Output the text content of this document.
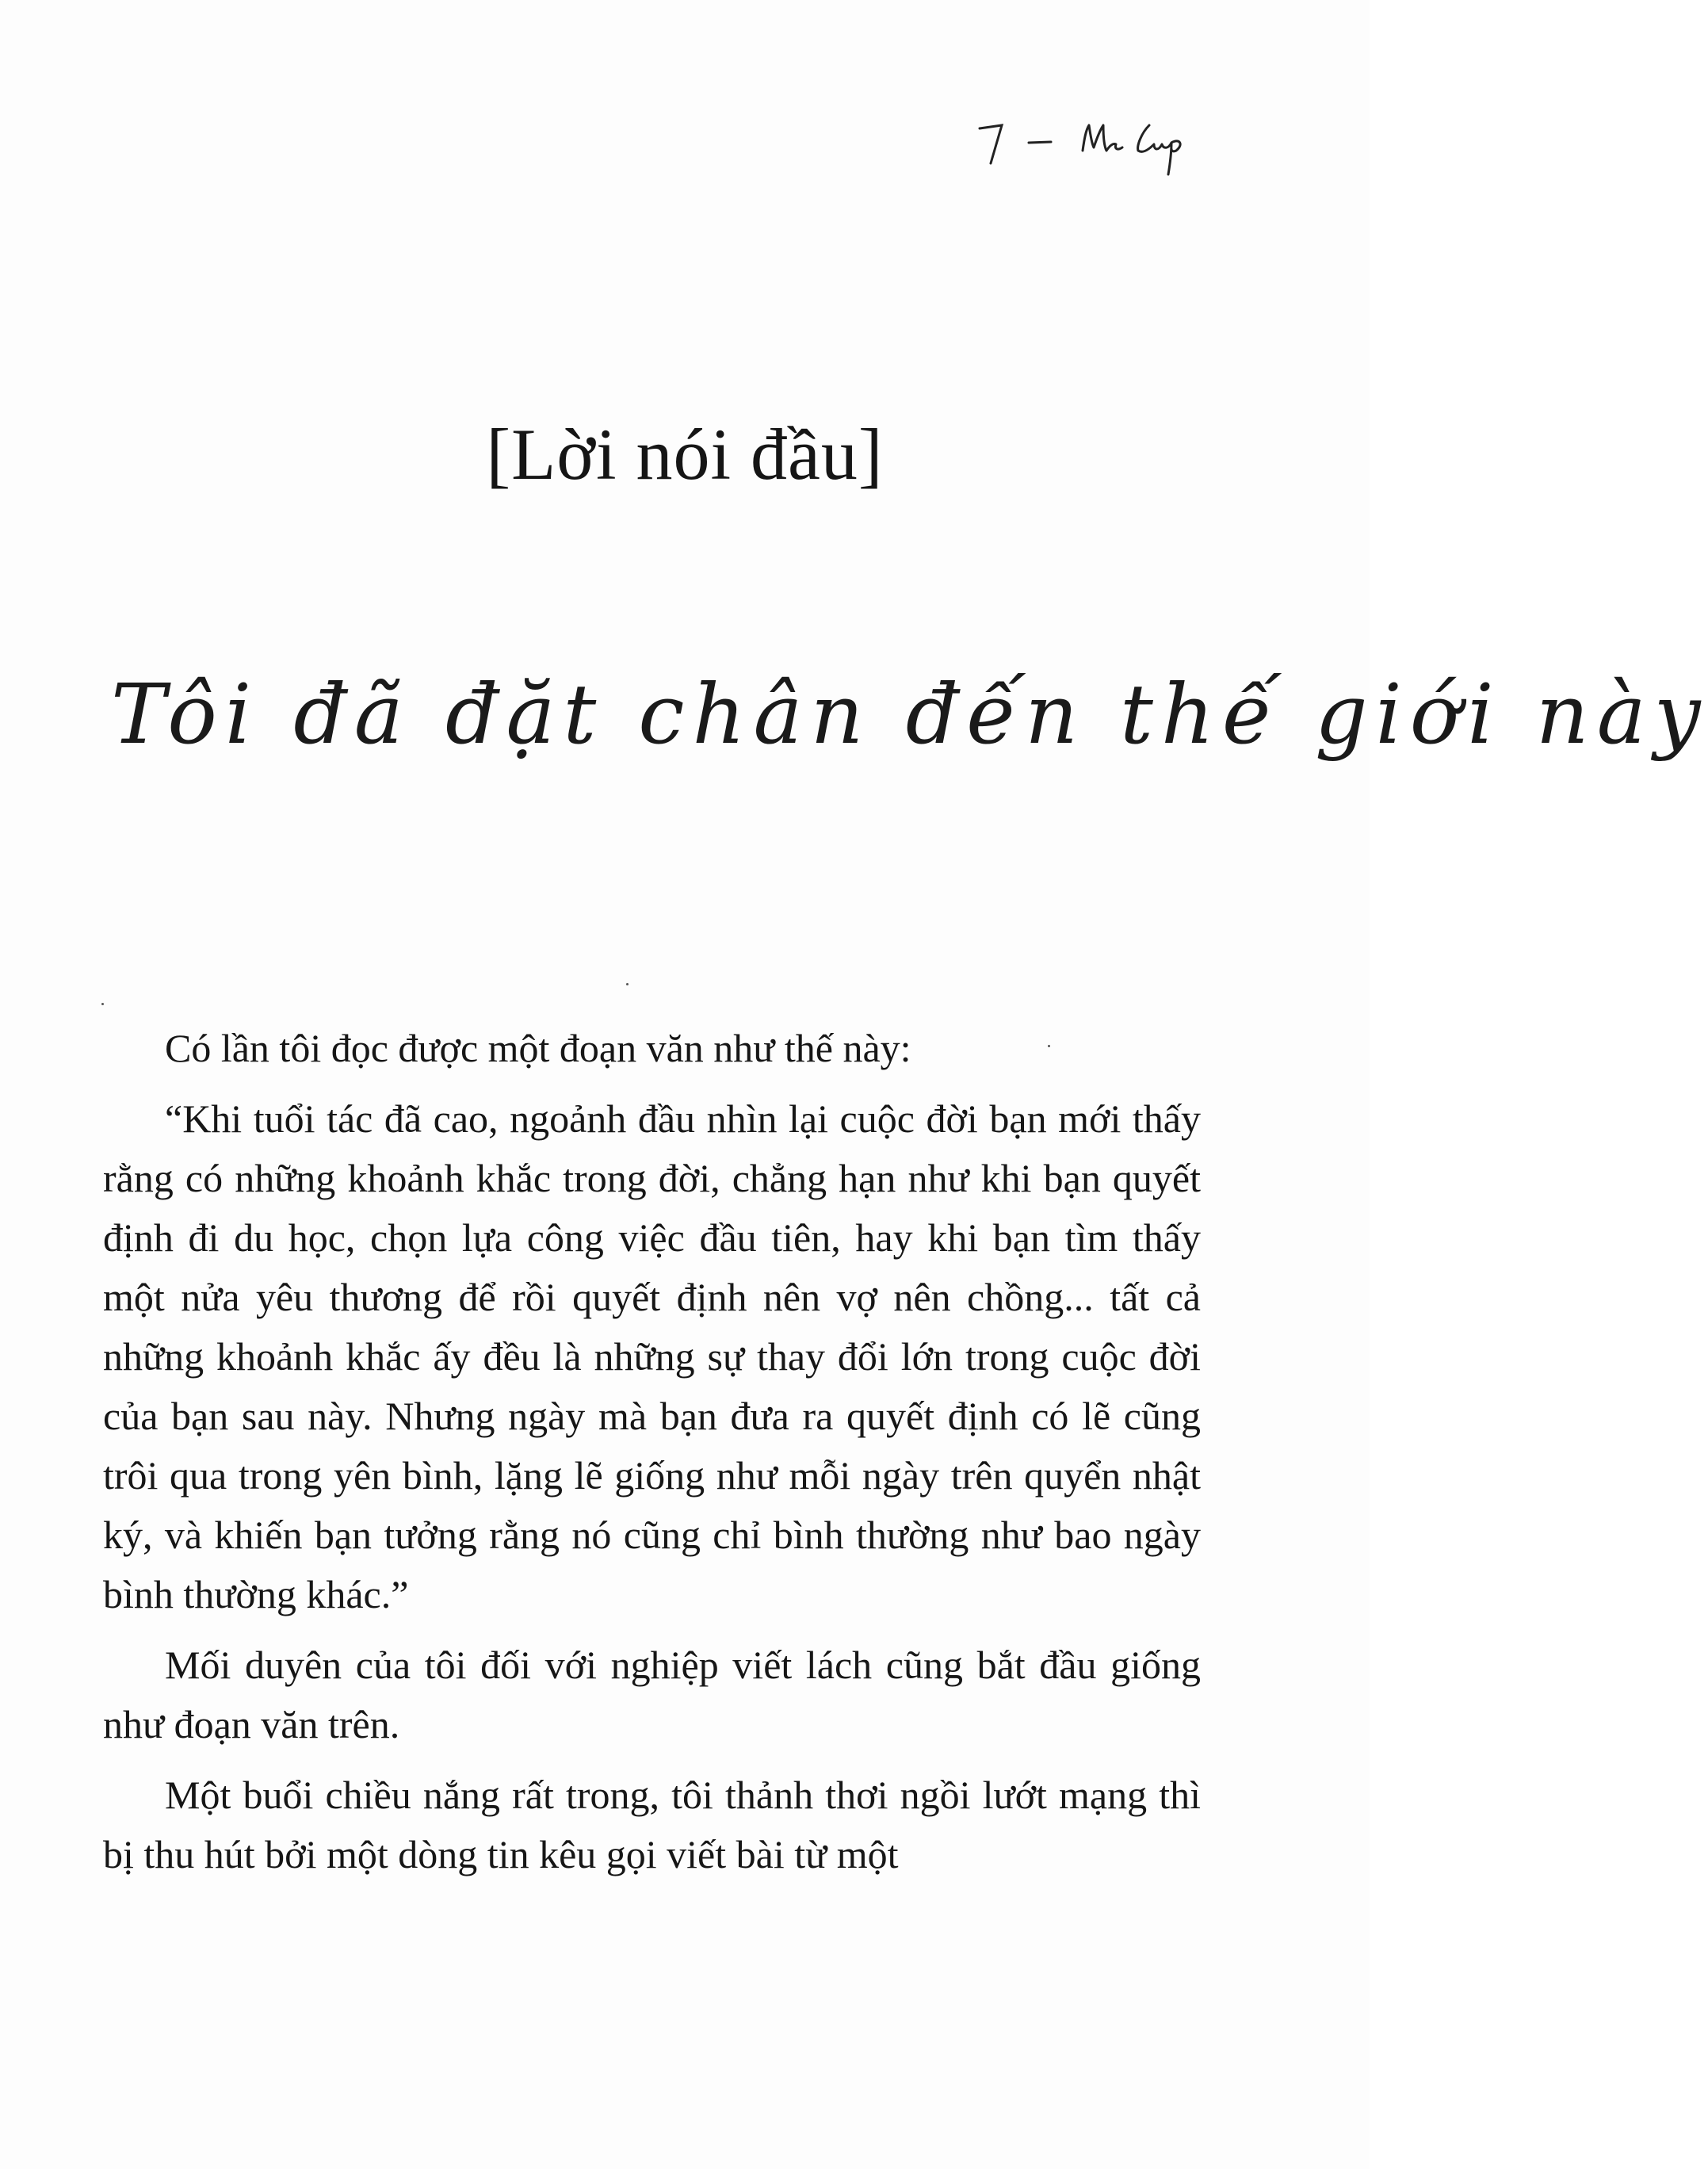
[Lời nói đầu]
Tôi đã đặt chân đến thế giới này

Có lần tôi đọc được một đoạn văn như thế này:

“Khi tuổi tác đã cao, ngoảnh đầu nhìn lại cuộc đời bạn mới thấy rằng có những khoảnh khắc trong đời, chẳng hạn như khi bạn quyết định đi du học, chọn lựa công việc đầu tiên, hay khi bạn tìm thấy một nửa yêu thương để rồi quyết định nên vợ nên chồng... tất cả những khoảnh khắc ấy đều là những sự thay đổi lớn trong cuộc đời của bạn sau này. Nhưng ngày mà bạn đưa ra quyết định có lẽ cũng trôi qua trong yên bình, lặng lẽ giống như mỗi ngày trên quyển nhật ký, và khiến bạn tưởng rằng nó cũng chỉ bình thường như bao ngày bình thường khác.”

Mối duyên của tôi đối với nghiệp viết lách cũng bắt đầu giống như đoạn văn trên.

Một buổi chiều nắng rất trong, tôi thảnh thơi ngồi lướt mạng thì bị thu hút bởi một dòng tin kêu gọi viết bài từ một
